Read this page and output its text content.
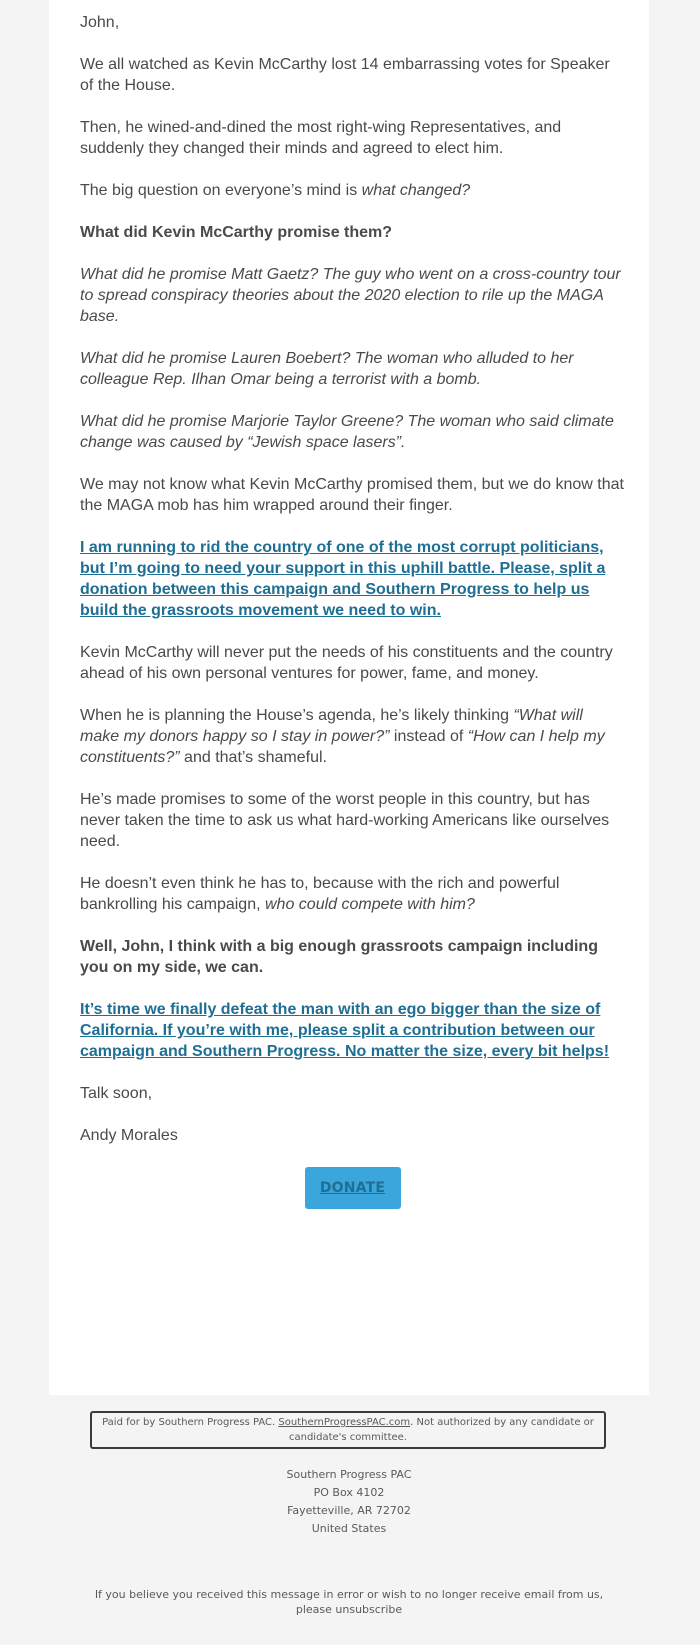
John,

We all watched as Kevin McCarthy lost 14 embarrassing votes for Speaker of the House.

Then, he wined-and-dined the most right-wing Representatives, and suddenly they changed their minds and agreed to elect him.

The big question on everyone’s mind is what changed?

What did Kevin McCarthy promise them?

What did he promise Matt Gaetz? The guy who went on a cross-country tour to spread conspiracy theories about the 2020 election to rile up the MAGA base.

What did he promise Lauren Boebert? The woman who alluded to her colleague Rep. Ilhan Omar being a terrorist with a bomb.

What did he promise Marjorie Taylor Greene? The woman who said climate change was caused by “Jewish space lasers”.

We may not know what Kevin McCarthy promised them, but we do know that the MAGA mob has him wrapped around their finger.

I am running to rid the country of one of the most corrupt politicians, but I’m going to need your support in this uphill battle. Please, split a donation between this campaign and Southern Progress to help us build the grassroots movement we need to win.

Kevin McCarthy will never put the needs of his constituents and the country ahead of his own personal ventures for power, fame, and money.

When he is planning the House’s agenda, he’s likely thinking “What will make my donors happy so I stay in power?” instead of “How can I help my constituents?” and that’s shameful.

He’s made promises to some of the worst people in this country, but has never taken the time to ask us what hard-working Americans like ourselves need.

He doesn’t even think he has to, because with the rich and powerful bankrolling his campaign, who could compete with him?

Well, John, I think with a big enough grassroots campaign including you on my side, we can.

It’s time we finally defeat the man with an ego bigger than the size of California. If you’re with me, please split a contribution between our campaign and Southern Progress. No matter the size, every bit helps!

Talk soon,

Andy Morales

DONATE
Paid for by Southern Progress PAC. SouthernProgressPAC.com. Not authorized by any candidate or candidate's committee.
Southern Progress PAC
PO Box 4102
Fayetteville, AR 72702
United States
If you believe you received this message in error or wish to no longer receive email from us, please unsubscribe
